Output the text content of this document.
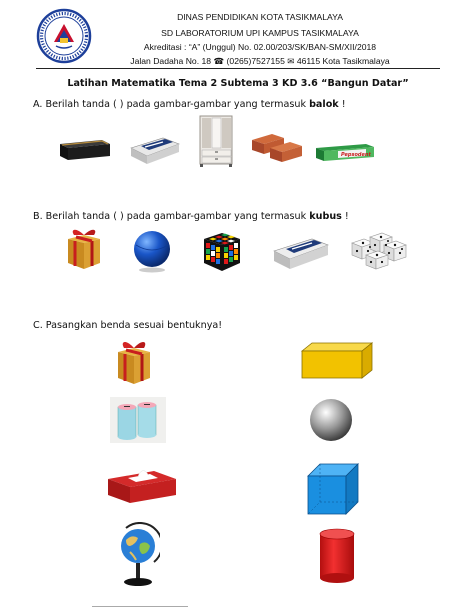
DINAS PENDIDIKAN KOTA TASIKMALAYA
SD LABORATORIUM UPI KAMPUS TASIKMALAYA
Akreditasi : “A” (Unggul) No. 02.00/203/SK/BAN-SM/XII/2018
Jalan Dadaha No. 18 ☎ (0265)7527155 ✉ 46115 Kota Tasikmalaya
Latihan Matematika Tema 2 Subtema 3 KD 3.6 “Bangun Datar”
A. Berilah tanda ( ) pada gambar-gambar yang termasuk balok !
Pepsodent
B. Berilah tanda ( ) pada gambar-gambar yang termasuk kubus !
C. Pasangkan benda sesuai bentuknya!
